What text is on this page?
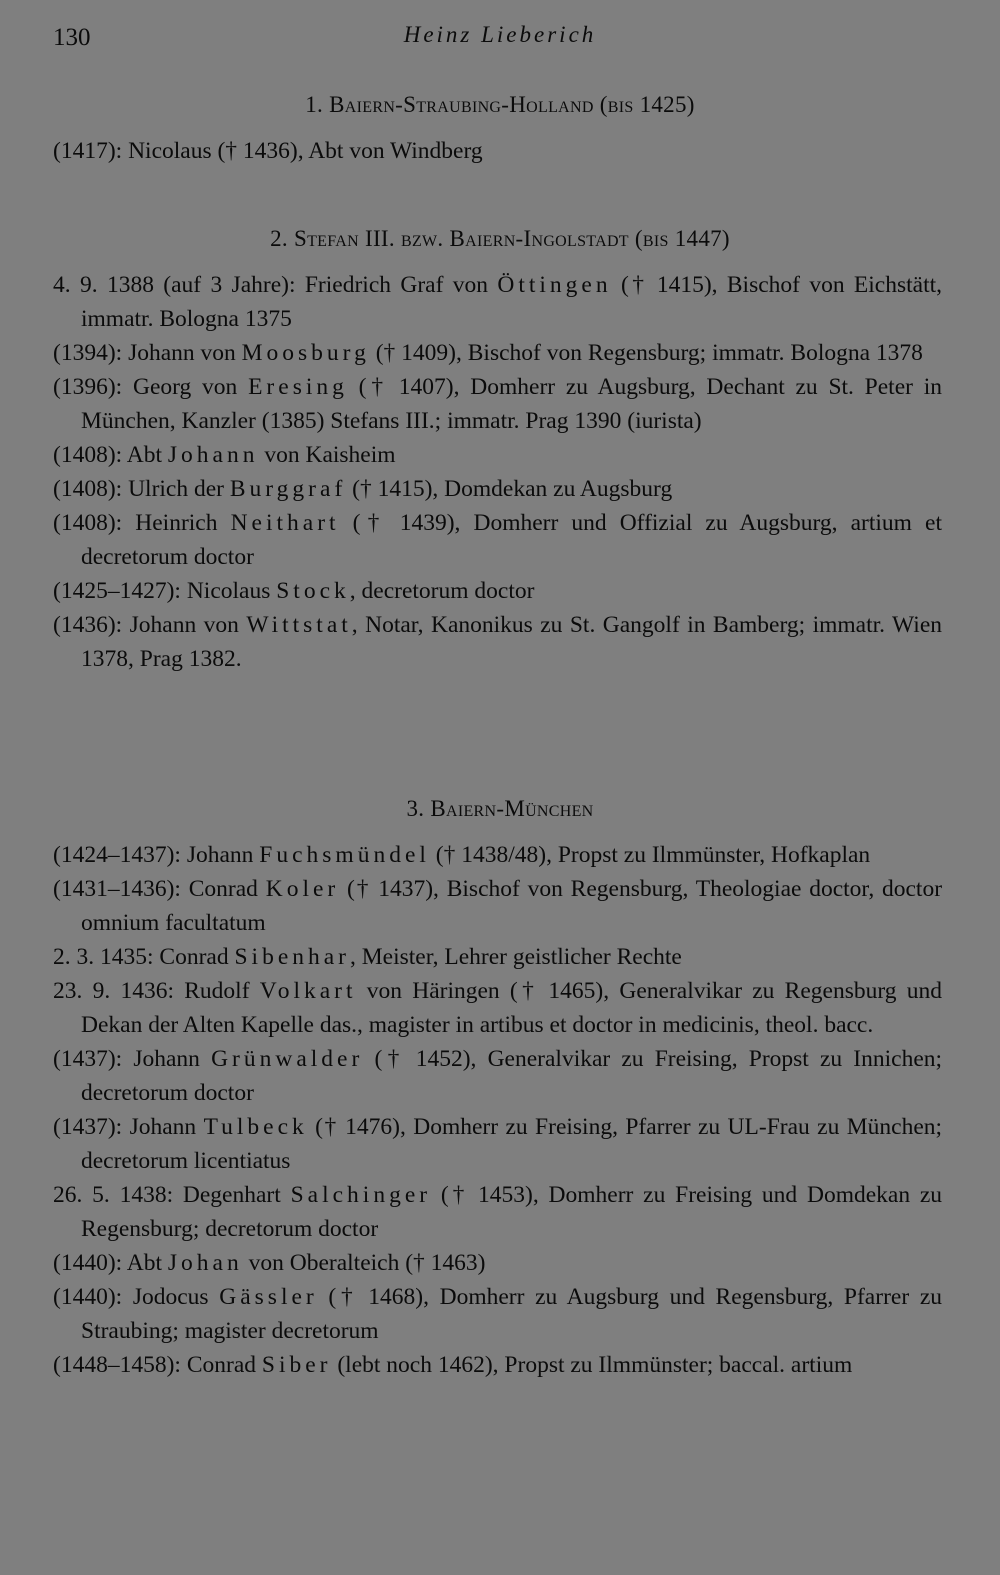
130	Heinz Lieberich
1. Baiern-Straubing-Holland (bis 1425)
(1417): Nicolaus († 1436), Abt von Windberg
2. Stefan III. bzw. Baiern-Ingolstadt (bis 1447)
4. 9. 1388 (auf 3 Jahre): Friedrich Graf von Öttingen († 1415), Bischof von Eichstätt, immatr. Bologna 1375
(1394): Johann von Moosburg († 1409), Bischof von Regensburg; immatr. Bologna 1378
(1396): Georg von Eresing († 1407), Domherr zu Augsburg, Dechant zu St. Peter in München, Kanzler (1385) Stefans III.; immatr. Prag 1390 (iurista)
(1408): Abt Johann von Kaisheim
(1408): Ulrich der Burggraf († 1415), Domdekan zu Augsburg
(1408): Heinrich Neithart († 1439), Domherr und Offizial zu Augsburg, artium et decretorum doctor
(1425–1427): Nicolaus Stock, decretorum doctor
(1436): Johann von Wittstat, Notar, Kanonikus zu St. Gangolf in Bamberg; immatr. Wien 1378, Prag 1382.
3. Baiern-München
(1424–1437): Johann Fuchsmündel († 1438/48), Propst zu Ilmmünster, Hofkaplan
(1431–1436): Conrad Koler († 1437), Bischof von Regensburg, Theologiae doctor, doctor omnium facultatum
2. 3. 1435: Conrad Sibenhar, Meister, Lehrer geistlicher Rechte
23. 9. 1436: Rudolf Volkart von Häringen († 1465), Generalvikar zu Regensburg und Dekan der Alten Kapelle das., magister in artibus et doctor in medicinis, theol. bacc.
(1437): Johann Grünwalder († 1452), Generalvikar zu Freising, Propst zu Innichen; decretorum doctor
(1437): Johann Tulbeck († 1476), Domherr zu Freising, Pfarrer zu UL-Frau zu München; decretorum licentiatus
26. 5. 1438: Degenhart Salchinger († 1453), Domherr zu Freising und Domdekan zu Regensburg; decretorum doctor
(1440): Abt Johan von Oberalteich († 1463)
(1440): Jodocus Gässler († 1468), Domherr zu Augsburg und Regensburg, Pfarrer zu Straubing; magister decretorum
(1448–1458): Conrad Siber (lebt noch 1462), Propst zu Ilmmünster; baccal. artium
